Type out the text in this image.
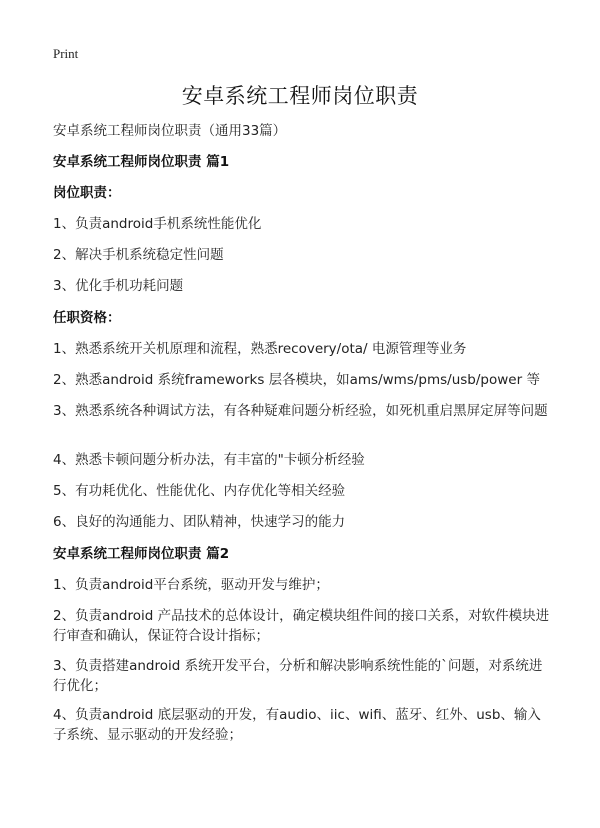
Print
安卓系统工程师岗位职责
安卓系统工程师岗位职责（通用33篇）
安卓系统工程师岗位职责 篇1
岗位职责：
1、负责android手机系统性能优化
2、解决手机系统稳定性问题
3、优化手机功耗问题
任职资格：
1、熟悉系统开关机原理和流程，熟悉recovery/ota/ 电源管理等业务
2、熟悉android 系统frameworks 层各模块，如ams/wms/pms/usb/power 等
3、熟悉系统各种调试方法，有各种疑难问题分析经验，如死机重启黑屏定屏等问题
4、熟悉卡顿问题分析办法，有丰富的"卡顿分析经验
5、有功耗优化、性能优化、内存优化等相关经验
6、良好的沟通能力、团队精神，快速学习的能力
安卓系统工程师岗位职责 篇2
1、负责android平台系统，驱动开发与维护；
2、负责android 产品技术的总体设计，确定模块组件间的接口关系，对软件模块进行审查和确认，保证符合设计指标；
3、负责搭建android 系统开发平台，分析和解决影响系统性能的`问题，对系统进行优化；
4、负责android 底层驱动的开发，有audio、iic、wifi、蓝牙、红外、usb、输入子系统、显示驱动的开发经验；
